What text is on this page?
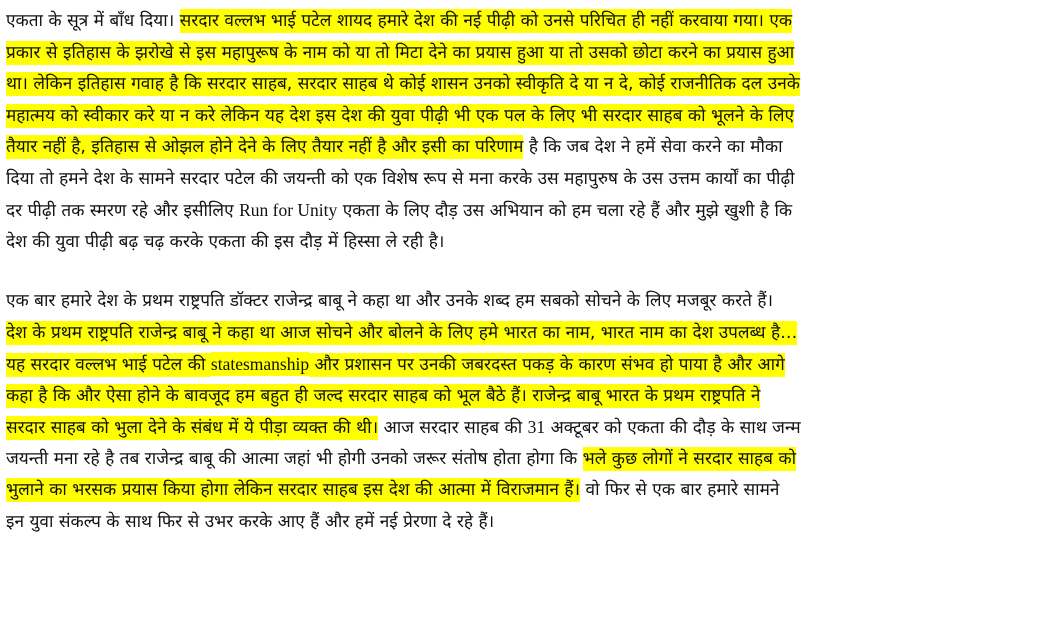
एकता के सूत्र में बाँध दिया। सरदार वल्लभ भाई पटेल शायद हमारे देश की नई पीढ़ी को उनसे परिचित ही नहीं करवाया गया। एक
प्रकार से इतिहास के झरोखे से इस महापुरूष के नाम को या तो मिटा देने का प्रयास हुआ या तो उसको छोटा करने का प्रयास हुआ
था। लेकिन इतिहास गवाह है कि सरदार साहब, सरदार साहब थे कोई शासन उनको स्वीकृति दे या न दे, कोई राजनीतिक दल उनके
महात्मय को स्वीकार करे या न करे लेकिन यह देश इस देश की युवा पीढ़ी भी एक पल के लिए भी सरदार साहब को भूलने के लिए
तैयार नहीं है, इतिहास से ओझल होने देने के लिए तैयार नहीं है और इसी का परिणाम है कि जब देश ने हमें सेवा करने का मौका
दिया तो हमने देश के सामने सरदार पटेल की जयन्ती को एक विशेष रूप से मना करके उस महापुरुष के उस उत्तम कार्यों का पीढ़ी
दर पीढ़ी तक स्मरण रहे और इसीलिए Run for Unity एकता के लिए दौड़ उस अभियान को हम चला रहे हैं और मुझे खुशी है कि
देश की युवा पीढ़ी बढ़ चढ़ करके एकता की इस दौड़ में हिस्सा ले रही है।
एक बार हमारे देश के प्रथम राष्ट्रपति डॉक्टर राजेन्द्र बाबू ने कहा था और उनके शब्द हम सबको सोचने के लिए मजबूर करते हैं।
देश के प्रथम राष्ट्रपति राजेन्द्र बाबू ने कहा था आज सोचने और बोलने के लिए हमे भारत का नाम, भारत नाम का देश उपलब्ध है…
यह सरदार वल्लभ भाई पटेल की statesmanship और प्रशासन पर उनकी जबरदस्त पकड़ के कारण संभव हो पाया है और आगे
कहा है कि और ऐसा होने के बावजूद हम बहुत ही जल्द सरदार साहब को भूल बैठे हैं। राजेन्द्र बाबू भारत के प्रथम राष्ट्रपति ने
सरदार साहब को भुला देने के संबंध में ये पीड़ा व्यक्त की थी। आज सरदार साहब की 31 अक्टूबर को एकता की दौड़ के साथ जन्म
जयन्ती मना रहे है तब राजेन्द्र बाबू की आत्मा जहां भी होगी उनको जरूर संतोष होता होगा कि भले कुछ लोगों ने सरदार साहब को
भुलाने का भरसक प्रयास किया होगा लेकिन सरदार साहब इस देश की आत्मा में विराजमान हैं। वो फिर से एक बार हमारे सामने
इन युवा संकल्प के साथ फिर से उभर करके आए हैं और हमें नई प्रेरणा दे रहे हैं।
